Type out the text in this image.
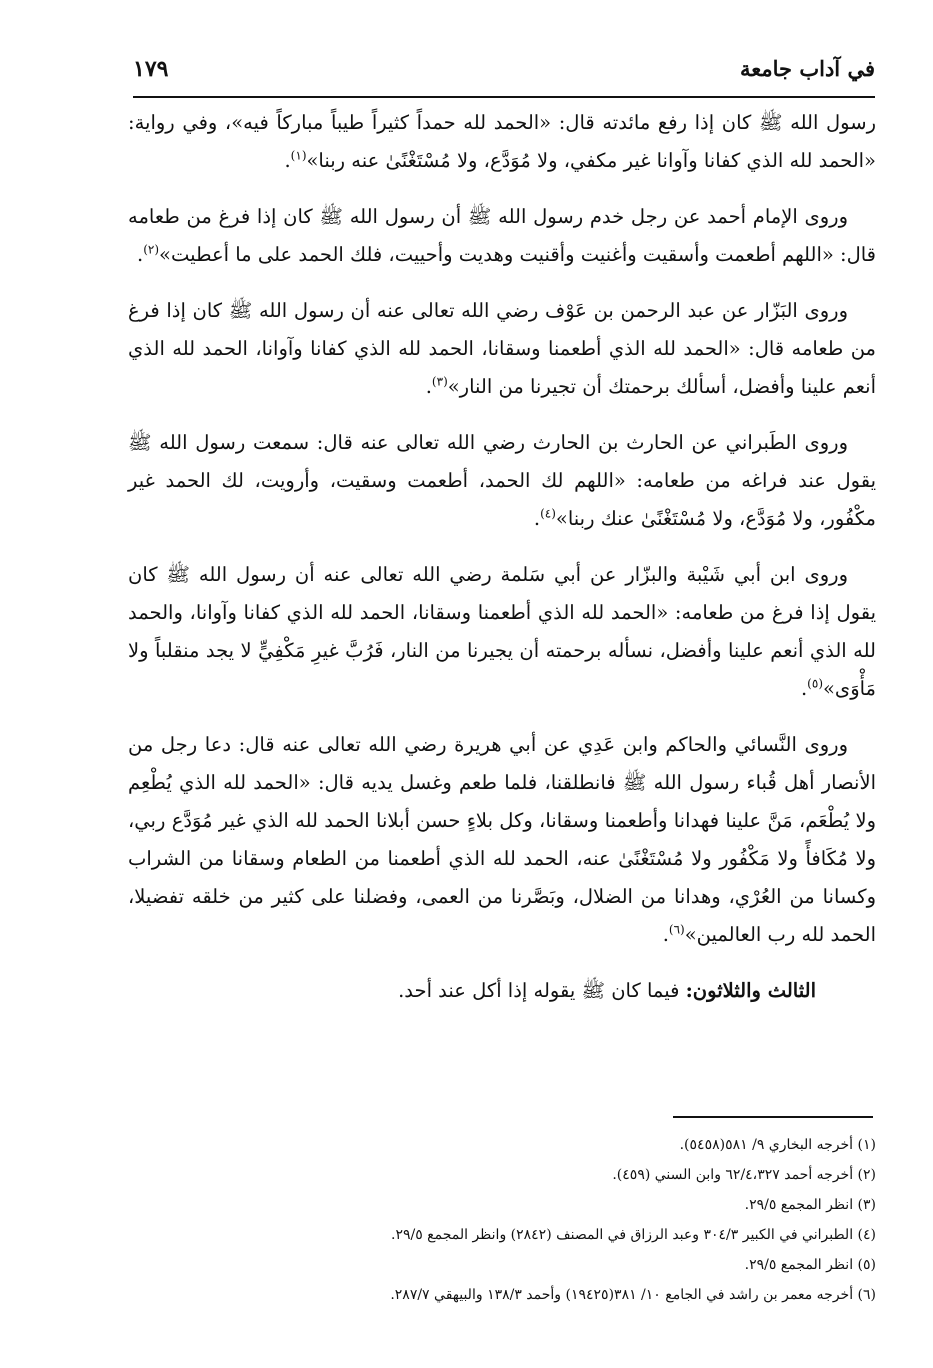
في آداب جامعة
١٧٩

رسول الله ﷺ كان إذا رفع مائدته قال: «الحمد لله حمداً كثيراً طيباً مباركاً فيه»، وفي رواية: «الحمد لله الذي كفانا وآوانا غير مكفي، ولا مُوَدَّع، ولا مُسْتَغْنًىٰ عنه ربنا»$^{(١)}$.

وروى الإمام أحمد عن رجل خدم رسول الله ﷺ أن رسول الله ﷺ كان إذا فرغ من طعامه قال: «اللهم أطعمت وأسقيت وأغنيت وأقنيت وهديت وأحييت، فلك الحمد على ما أعطيت»$^{(٢)}$.

وروى البَزّار عن عبد الرحمن بن عَوْف رضي الله تعالى عنه أن رسول الله ﷺ كان إذا فرغ من طعامه قال: «الحمد لله الذي أطعمنا وسقانا، الحمد لله الذي كفانا وآوانا، الحمد لله الذي أنعم علينا وأفضل، أسألك برحمتك أن تجيرنا من النار»$^{(٣)}$.

وروى الطَبراني عن الحارث بن الحارث رضي الله تعالى عنه قال: سمعت رسول الله ﷺ يقول عند فراغه من طعامه: «اللهم لك الحمد، أطعمت وسقيت، وأرويت، لك الحمد غير مكْفُور، ولا مُوَدَّع، ولا مُسْتَغْنًىٰ عنك ربنا»$^{(٤)}$.

وروى ابن أبي شَيْبة والبزّار عن أبي سَلمة رضي الله تعالى عنه أن رسول الله ﷺ كان يقول إذا فرغ من طعامه: «الحمد لله الذي أطعمنا وسقانا، الحمد لله الذي كفانا وآوانا، والحمد لله الذي أنعم علينا وأفضل، نسأله برحمته أن يجيرنا من النار، فَرُبَّ غيرِ مَكْفِيٍّ لا يجد منقلباً ولا مَأْوَى»$^{(٥)}$.

وروى النَّسائي والحاكم وابن عَدِي عن أبي هريرة رضي الله تعالى عنه قال: دعا رجل من الأنصار أهل قُباء رسول الله ﷺ فانطلقنا، فلما طعم وغسل يديه قال: «الحمد لله الذي يُطْعِم ولا يُطْعَم، مَنَّ علينا فهدانا وأطعمنا وسقانا، وكل بلاءٍ حسن أبلانا الحمد لله الذي غير مُوَدَّع ربي، ولا مُكَافأً ولا مَكْفُور ولا مُسْتَغْنًىٰ عنه، الحمد لله الذي أطعمنا من الطعام وسقانا من الشراب وكسانا من العُرْي، وهدانا من الضلال، وبَصَّرنا من العمى، وفضلنا على كثير من خلقه تفضيلا، الحمد لله رب العالمين»$^{(٦)}$.

الثالث والثلاثون: فيما كان ﷺ يقوله إذا أكل عند أحد.

(١) أخرجه البخاري ٩/ ٥٨١(٥٤٥٨).

(٢) أخرجه أحمد ٦٢/٤،٣٢٧ وابن السني (٤٥٩).

(٣) انظر المجمع ٢٩/٥.

(٤) الطبراني في الكبير ٣٠٤/٣ وعبد الرزاق في المصنف (٢٨٤٢) وانظر المجمع ٢٩/٥.

(٥) انظر المجمع ٢٩/٥.

(٦) أخرجه معمر بن راشد في الجامع ١٠/ ٣٨١(١٩٤٢٥) وأحمد ١٣٨/٣ والبيهقي ٢٨٧/٧.
